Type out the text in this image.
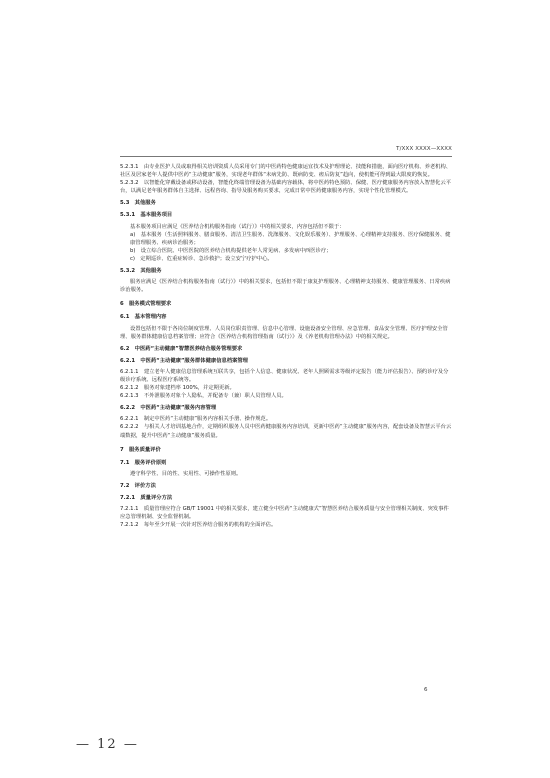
T/XXX XXXX—XXXX

5.2.3.1　由专业医护人员或取得相关培训资质人员采用专门的中医药特色健康运宜技术及护理理论、技能和措施，面向医疗机构、养老机构、社区及居家老年人提供中医药“主动健康”服务，实现老年群体“未病先防、既病防变、瘥后防复”趋向，使机能可得到最大限度的恢复。

5.2.3.2　以智能化穿戴设备或移动设备，智能化终端管理设备为基础内容载体，将中医药特色预防、保健、医疗健康服务内容放入智慧化云平台，以满足老年服务群体自主选择、远程咨询、指导及服务购买要求，完成日常中医药健康服务内容，实现个性化管理模式。

5.3　其他服务

5.3.1　基本服务项目

基本服务项目应满足《医养结合机构服务指南（试行）》中的相关要求，内容包括但不限于：

a)　基本服务（生活照料服务、膳食服务、清洁卫生服务、洗涤服务、文化娱乐服务）、护理服务、心理精神支持服务、医疗保健服务、健康管理服务、疾病诊治服务；

b)　设立综合医院、中医医院的医养结合机构提供老年人常见病、多发病中西医诊疗；

c)　定期巡诊、危重症转诊、急诊救护；设立安宁疗护中心。

5.3.2　其他服务

服务应满足《医养结合机构服务指南（试行）》中的相关要求，包括但不限于康复护理服务、心理精神支持服务、健康管理服务、日常疾病诊治服务。

6　服务模式管理要求

6.1　基本管理内容

设置包括但不限于各岗位制度管理、人员岗位职责管理、信息中心管理、设施设备安全管理、应急管理、食品安全管理、医疗护理安全管理、服务群体健康信息档案管理；应符合《医养结合机构管理指南（试行）》及《养老机构管理办法》中的相关规定。

6.2　中医药“主动健康”智慧医养结合服务管理要求

6.2.1　中医药“主动健康”服务群体健康信息档案管理

6.2.1.1　建立老年人健康信息管理系统互联共享，包括个人信息、健康状况、老年人照顾需求等级评定报告（能力评估报告）、预约诊疗及分级诊疗系统、远程医疗系统等。

6.2.1.2　服务对象建档率 100%，并定期更新。

6.2.1.3　不外泄服务对象个人隐私，并配备专（兼）职人员管理人员。

6.2.2　中医药“主动健康”服务内容管理

6.2.2.1　制定中医药“主动健康”服务内容相关手册、操作规范。

6.2.2.2　与相关人才培训基地合作，定期组织服务人员中医药健康服务内容培训，更新中医药“主动健康”服务内容，配套设备及智慧云平台云端数据，提升中医药“主动健康”服务质量。

7　服务质量评价

7.1　服务评价原则

遵守科学性、目的性、实用性、可操作性原则。

7.2　评价方法

7.2.1　质量评分方法

7.2.1.1　质量管理应符合 GB/T 19001 中的相关要求，建立健全中医药“主动健康式”智慧医养结合服务质量与安全管理相关制度、突发事件应急管理机制、安全监督机制。

7.2.1.2　每年至少开展一次针对医养结合服务的机构的全面评估。

6
— 12 —
